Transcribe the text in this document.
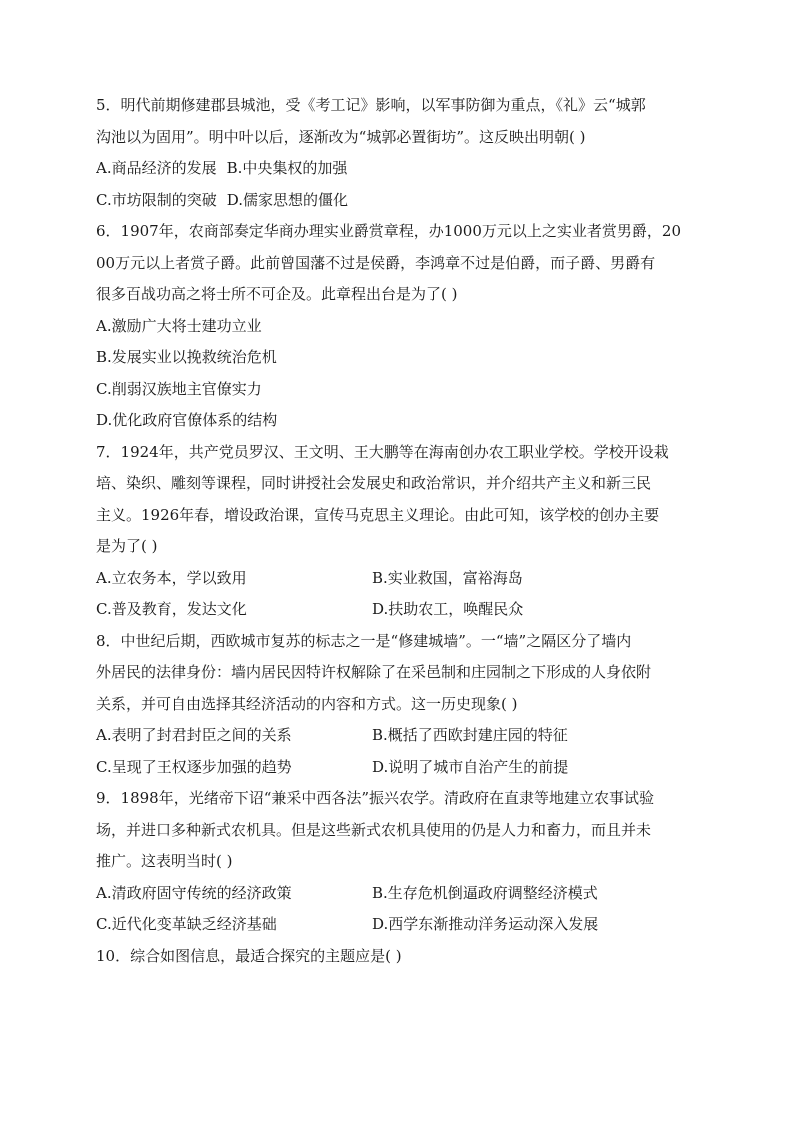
5．明代前期修建郡县城池，受《考工记》影响，以军事防御为重点，《礼》云“城郭
沟池以为固用”。明中叶以后，逐渐改为“城郭必置街坊”。这反映出明朝( )
A.商品经济的发展 B.中央集权的加强
C.市坊限制的突破 D.儒家思想的僵化
6．1907年，农商部奏定华商办理实业爵赏章程，办1000万元以上之实业者赏男爵，20
00万元以上者赏子爵。此前曾国藩不过是侯爵，李鸿章不过是伯爵，而子爵、男爵有
很多百战功高之将士所不可企及。此章程出台是为了( )
A.激励广大将士建功立业
B.发展实业以挽救统治危机
C.削弱汉族地主官僚实力
D.优化政府官僚体系的结构
7．1924年，共产党员罗汉、王文明、王大鹏等在海南创办农工职业学校。学校开设栽
培、染织、雕刻等课程，同时讲授社会发展史和政治常识，并介绍共产主义和新三民
主义。1926年春，增设政治课，宣传马克思主义理论。由此可知，该学校的创办主要
是为了( )
A.立农务本，学以致用	B.实业救国，富裕海岛
C.普及教育，发达文化	D.扶助农工，唤醒民众
8．中世纪后期，西欧城市复苏的标志之一是“修建城墙”。一“墙”之隔区分了墙内
外居民的法律身份：墙内居民因特许权解除了在采邑制和庄园制之下形成的人身依附
关系，并可自由选择其经济活动的内容和方式。这一历史现象( )
A.表明了封君封臣之间的关系	B.概括了西欧封建庄园的特征
C.呈现了王权逐步加强的趋势	D.说明了城市自治产生的前提
9．1898年，光绪帝下诏“兼采中西各法”振兴农学。清政府在直隶等地建立农事试验
场，并进口多种新式农机具。但是这些新式农机具使用的仍是人力和畜力，而且并未
推广。这表明当时( )
A.清政府固守传统的经济政策	B.生存危机倒逼政府调整经济模式
C.近代化变革缺乏经济基础	D.西学东渐推动洋务运动深入发展
10．综合如图信息，最适合探究的主题应是( )
